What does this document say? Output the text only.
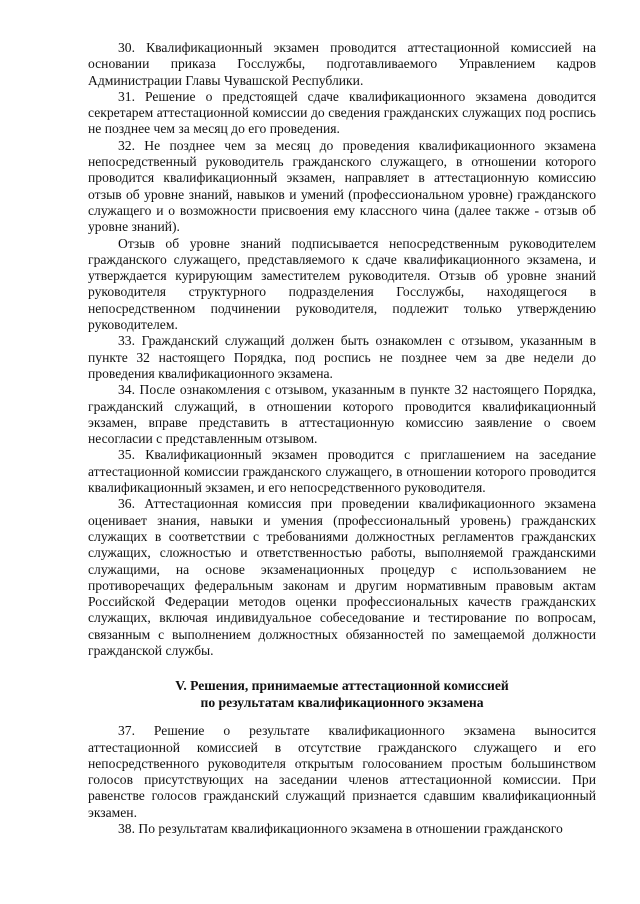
30. Квалификационный экзамен проводится аттестационной комиссией на основании приказа Госслужбы, подготавливаемого Управлением кадров Администрации Главы Чувашской Республики.

31. Решение о предстоящей сдаче квалификационного экзамена доводится секретарем аттестационной комиссии до сведения гражданских служащих под роспись не позднее чем за месяц до его проведения.

32. Не позднее чем за месяц до проведения квалификационного экзамена непосредственный руководитель гражданского служащего, в отношении которого проводится квалификационный экзамен, направляет в аттестационную комиссию отзыв об уровне знаний, навыков и умений (профессиональном уровне) гражданского служащего и о возможности присвоения ему классного чина (далее также - отзыв об уровне знаний).

Отзыв об уровне знаний подписывается непосредственным руководителем гражданского служащего, представляемого к сдаче квалификационного экзамена, и утверждается курирующим заместителем руководителя. Отзыв об уровне знаний руководителя структурного подразделения Госслужбы, находящегося в непосредственном подчинении руководителя, подлежит только утверждению руководителем.

33. Гражданский служащий должен быть ознакомлен с отзывом, указанным в пункте 32 настоящего Порядка, под роспись не позднее чем за две недели до проведения квалификационного экзамена.

34. После ознакомления с отзывом, указанным в пункте 32 настоящего Порядка, гражданский служащий, в отношении которого проводится квалификационный экзамен, вправе представить в аттестационную комиссию заявление о своем несогласии с представленным отзывом.

35. Квалификационный экзамен проводится с приглашением на заседание аттестационной комиссии гражданского служащего, в отношении которого проводится квалификационный экзамен, и его непосредственного руководителя.

36. Аттестационная комиссия при проведении квалификационного экзамена оценивает знания, навыки и умения (профессиональный уровень) гражданских служащих в соответствии с требованиями должностных регламентов гражданских служащих, сложностью и ответственностью работы, выполняемой гражданскими служащими, на основе экзаменационных процедур с использованием не противоречащих федеральным законам и другим нормативным правовым актам Российской Федерации методов оценки профессиональных качеств гражданских служащих, включая индивидуальное собеседование и тестирование по вопросам, связанным с выполнением должностных обязанностей по замещаемой должности гражданской службы.

V. Решения, принимаемые аттестационной комиссией
по результатам квалификационного экзамена

37. Решение о результате квалификационного экзамена выносится аттестационной комиссией в отсутствие гражданского служащего и его непосредственного руководителя открытым голосованием простым большинством голосов присутствующих на заседании членов аттестационной комиссии. При равенстве голосов гражданский служащий признается сдавшим квалификационный экзамен.

38. По результатам квалификационного экзамена в отношении гражданского
